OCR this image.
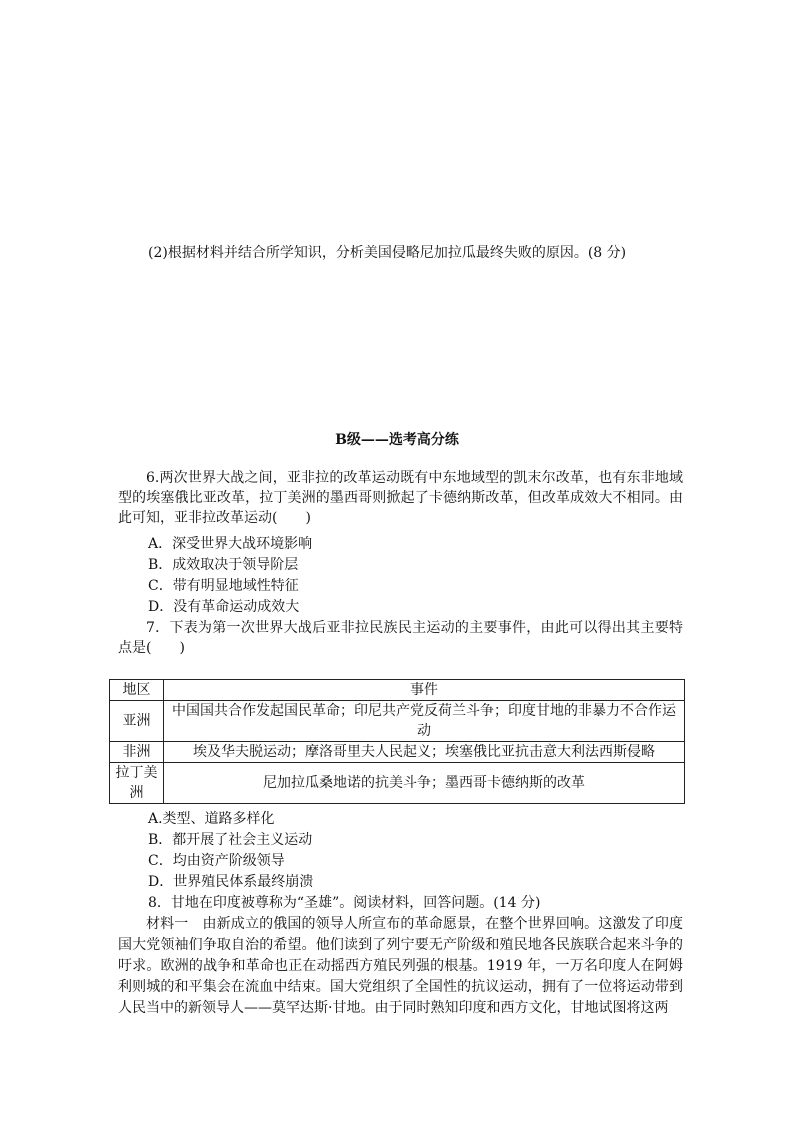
(2)根据材料并结合所学知识，分析美国侵略尼加拉瓜最终失败的原因。(8 分)
B级——选考高分练
6.两次世界大战之间，亚非拉的改革运动既有中东地域型的凯末尔改革，也有东非地域型的埃塞俄比亚改革，拉丁美洲的墨西哥则掀起了卡德纳斯改革，但改革成效大不相同。由此可知，亚非拉改革运动(　　)
A．深受世界大战环境影响
B．成效取决于领导阶层
C．带有明显地域性特征
D．没有革命运动成效大
7．下表为第一次世界大战后亚非拉民族民主运动的主要事件，由此可以得出其主要特点是(　　)
地区	事件
亚洲	中国国共合作发起国民革命；印尼共产党反荷兰斗争；印度甘地的非暴力不合作运动
非洲	埃及华夫脱运动；摩洛哥里夫人民起义；埃塞俄比亚抗击意大利法西斯侵略
拉丁美洲	尼加拉瓜桑地诺的抗美斗争；墨西哥卡德纳斯的改革
A.类型、道路多样化
B．都开展了社会主义运动
C．均由资产阶级领导
D．世界殖民体系最终崩溃
8．甘地在印度被尊称为“圣雄”。阅读材料，回答问题。(14 分)
材料一　由新成立的俄国的领导人所宣布的革命愿景，在整个世界回响。这激发了印度国大党领袖们争取自治的希望。他们读到了列宁要无产阶级和殖民地各民族联合起来斗争的吁求。欧洲的战争和革命也正在动摇西方殖民列强的根基。1919 年，一万名印度人在阿姆利则城的和平集会在流血中结束。国大党组织了全国性的抗议运动，拥有了一位将运动带到人民当中的新领导人——莫罕达斯·甘地。由于同时熟知印度和西方文化，甘地试图将这两
